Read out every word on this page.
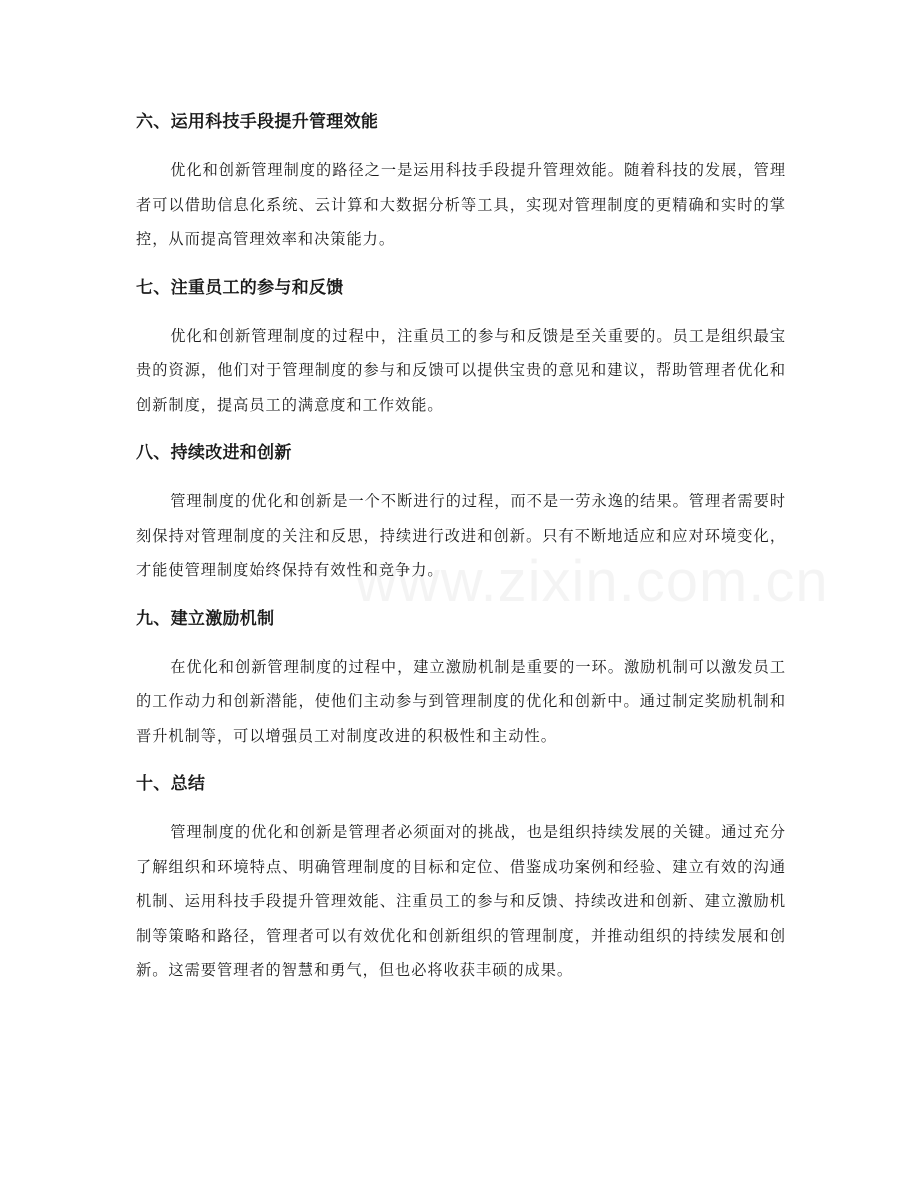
六、运用科技手段提升管理效能

优化和创新管理制度的路径之一是运用科技手段提升管理效能。随着科技的发展，管理者可以借助信息化系统、云计算和大数据分析等工具，实现对管理制度的更精确和实时的掌控，从而提高管理效率和决策能力。

七、注重员工的参与和反馈

优化和创新管理制度的过程中，注重员工的参与和反馈是至关重要的。员工是组织最宝贵的资源，他们对于管理制度的参与和反馈可以提供宝贵的意见和建议，帮助管理者优化和创新制度，提高员工的满意度和工作效能。

八、持续改进和创新

管理制度的优化和创新是一个不断进行的过程，而不是一劳永逸的结果。管理者需要时刻保持对管理制度的关注和反思，持续进行改进和创新。只有不断地适应和应对环境变化，才能使管理制度始终保持有效性和竞争力。

九、建立激励机制

在优化和创新管理制度的过程中，建立激励机制是重要的一环。激励机制可以激发员工的工作动力和创新潜能，使他们主动参与到管理制度的优化和创新中。通过制定奖励机制和晋升机制等，可以增强员工对制度改进的积极性和主动性。

十、总结

管理制度的优化和创新是管理者必须面对的挑战，也是组织持续发展的关键。通过充分了解组织和环境特点、明确管理制度的目标和定位、借鉴成功案例和经验、建立有效的沟通机制、运用科技手段提升管理效能、注重员工的参与和反馈、持续改进和创新、建立激励机制等策略和路径，管理者可以有效优化和创新组织的管理制度，并推动组织的持续发展和创新。这需要管理者的智慧和勇气，但也必将收获丰硕的成果。
